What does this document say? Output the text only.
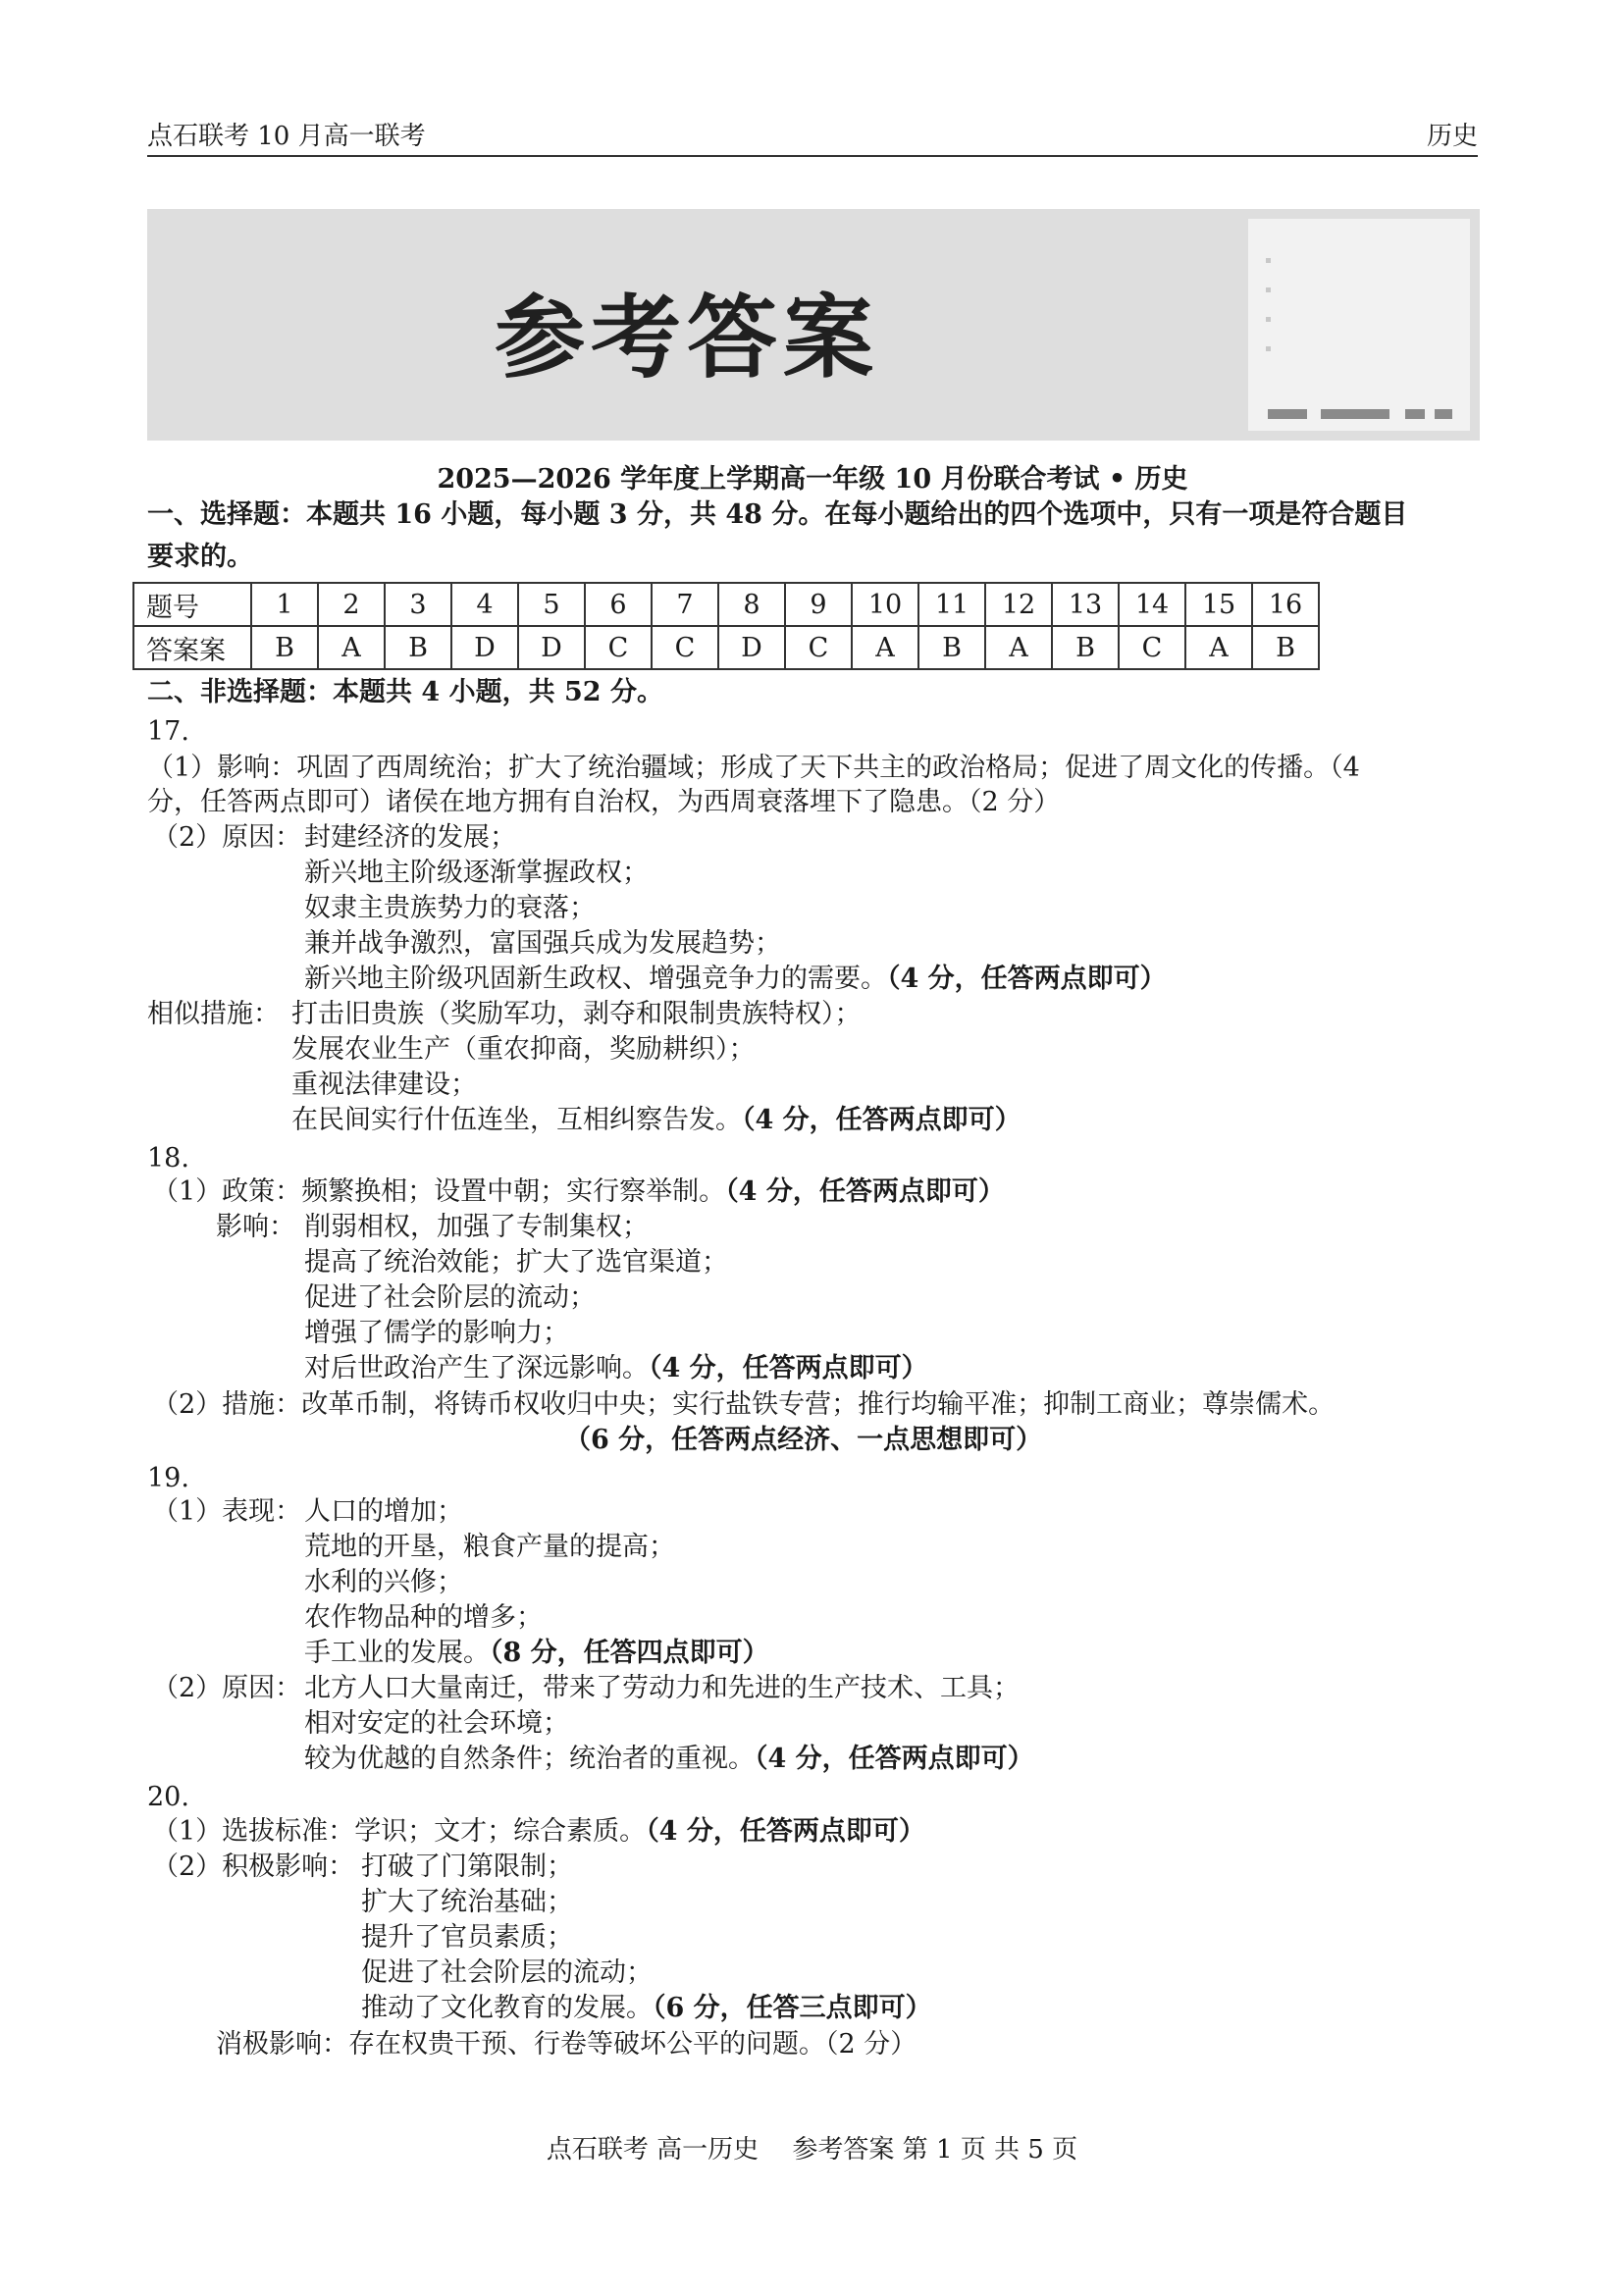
点石联考 10 月高一联考	历史
参考答案
2025—2026 学年度上学期高一年级 10 月份联合考试 • 历史
一、选择题：本题共 16 小题，每小题 3 分，共 48 分。在每小题给出的四个选项中，只有一项是符合题目
要求的。
题号	1	2	3	4	5	6	7	8	9	10	11	12	13	14	15	16
答案案	B	A	B	D	D	C	C	D	C	A	B	A	B	C	A	B
二、非选择题：本题共 4 小题，共 52 分。
17.
（1）影响：巩固了西周统治；扩大了统治疆域；形成了天下共主的政治格局；促进了周文化的传播。（4
分，任答两点即可）诸侯在地方拥有自治权，为西周衰落埋下了隐患。（2 分）
（2）原因： 封建经济的发展；
新兴地主阶级逐渐掌握政权；
奴隶主贵族势力的衰落；
兼并战争激烈，富国强兵成为发展趋势；
新兴地主阶级巩固新生政权、增强竞争力的需要。（4 分，任答两点即可）
相似措施： 打击旧贵族（奖励军功，剥夺和限制贵族特权）；
发展农业生产（重农抑商，奖励耕织）；
重视法律建设；
在民间实行什伍连坐，互相纠察告发。（4 分，任答两点即可）
18.
（1）政策：频繁换相；设置中朝；实行察举制。（4 分，任答两点即可）
影响： 削弱相权，加强了专制集权；
提高了统治效能；扩大了选官渠道；
促进了社会阶层的流动；
增强了儒学的影响力；
对后世政治产生了深远影响。（4 分，任答两点即可）
（2）措施：改革币制，将铸币权收归中央；实行盐铁专营；推行均输平准；抑制工商业；尊崇儒术。
（6 分，任答两点经济、一点思想即可）
19.
（1）表现： 人口的增加；
荒地的开垦，粮食产量的提高；
水利的兴修；
农作物品种的增多；
手工业的发展。（8 分，任答四点即可）
（2）原因： 北方人口大量南迁，带来了劳动力和先进的生产技术、工具；
相对安定的社会环境；
较为优越的自然条件；统治者的重视。（4 分，任答两点即可）
20.
（1）选拔标准：学识；文才；综合素质。（4 分，任答两点即可）
（2）积极影响： 打破了门第限制；
扩大了统治基础；
提升了官员素质；
促进了社会阶层的流动；
推动了文化教育的发展。（6 分，任答三点即可）
消极影响：存在权贵干预、行卷等破坏公平的问题。（2 分）
点石联考 高一历史　 参考答案 第 1 页 共 5 页
